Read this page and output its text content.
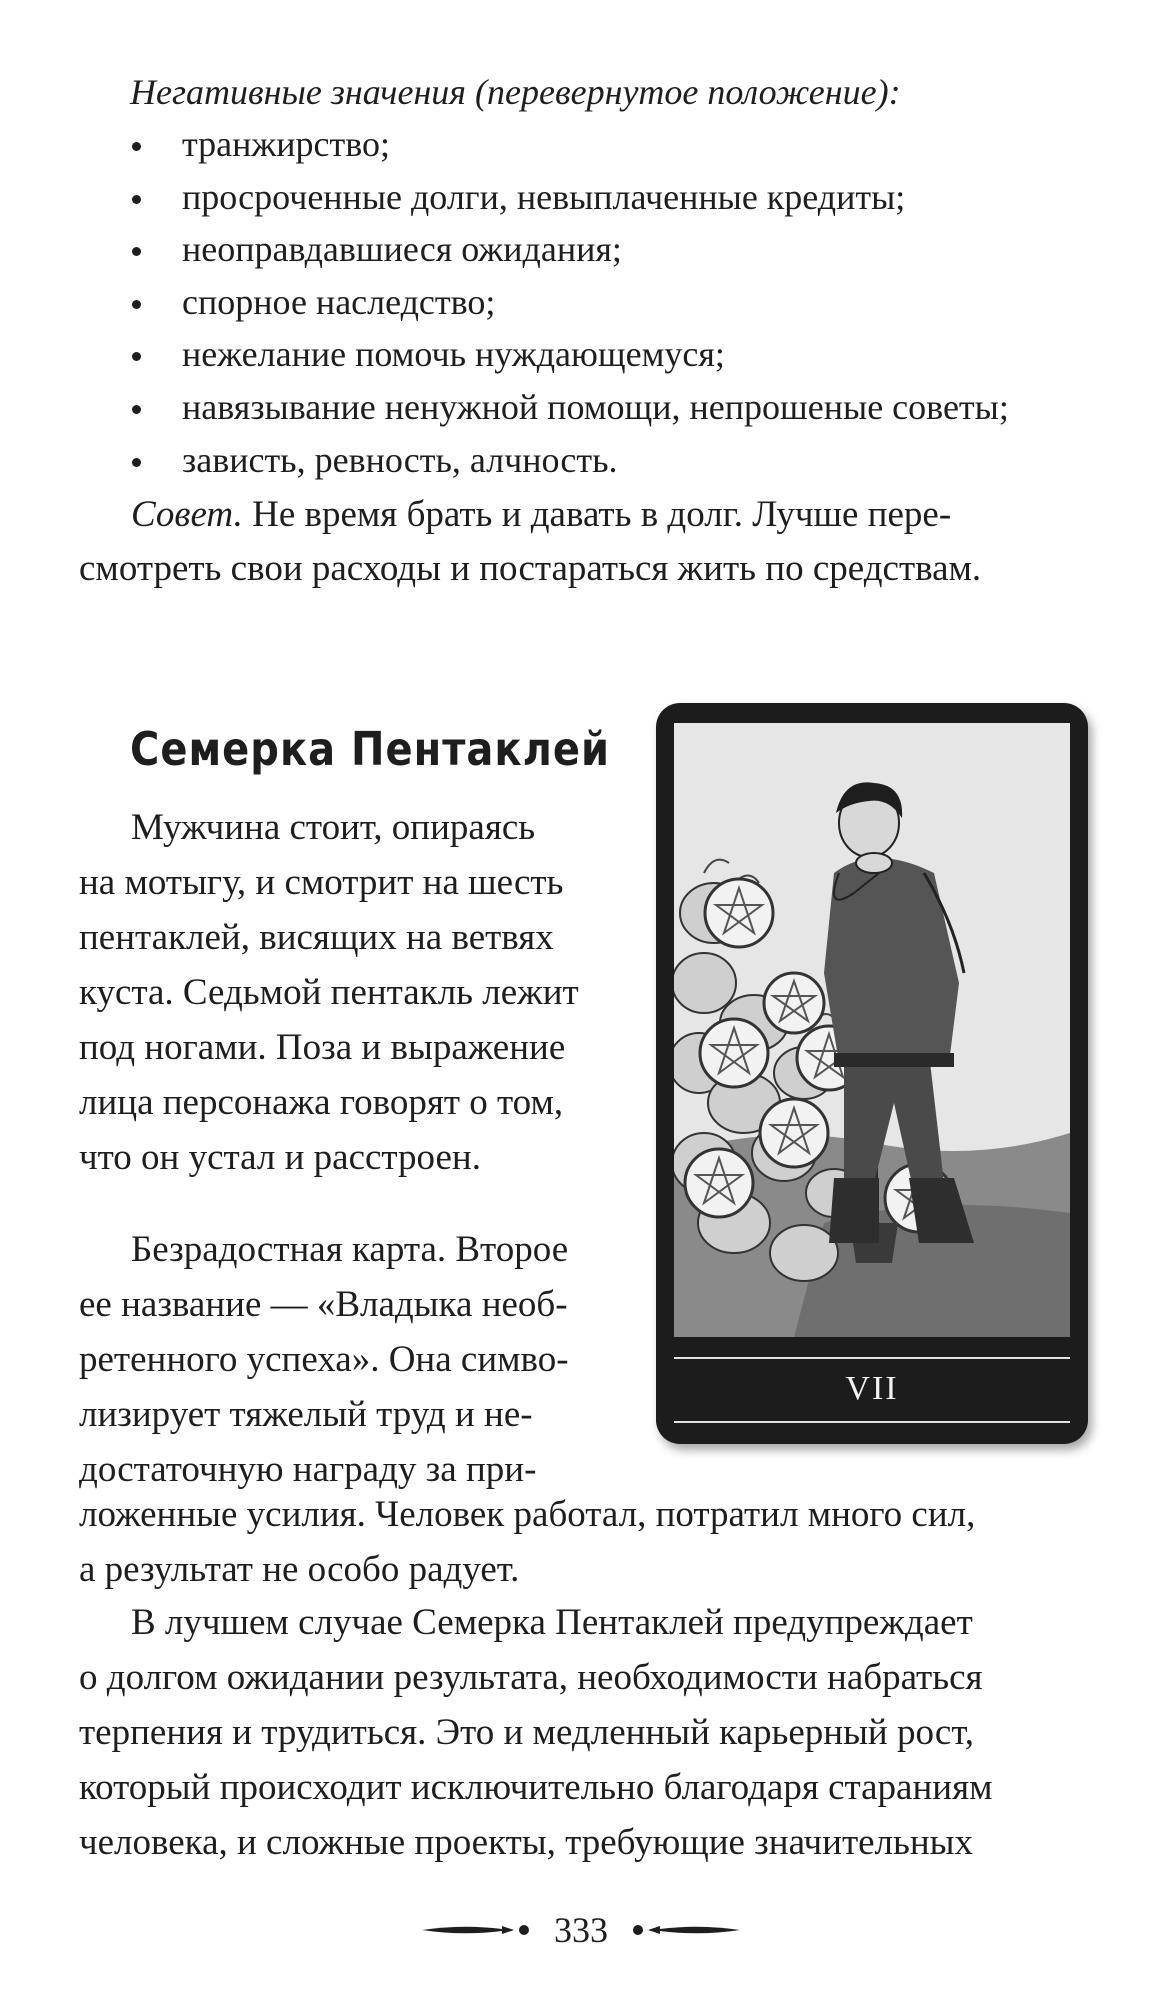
Негативные значения (перевернутое положение):
транжирство;
просроченные долги, невыплаченные кредиты;
неоправдавшиеся ожидания;
спорное наследство;
нежелание помочь нуждающемуся;
навязывание ненужной помощи, непрошеные советы;
зависть, ревность, алчность.

Совет. Не время брать и давать в долг. Лучше пере-

смотреть свои расходы и постараться жить по средствам.

Семерка Пентаклей

Мужчина стоит, опираясь

на мотыгу, и смотрит на шесть

пентаклей, висящих на ветвях

куста. Седьмой пентакль лежит

под ногами. Поза и выражение

лица персонажа говорят о том,

что он устал и расстроен.

Безрадостная карта. Второе

ее название — «Владыка необ-

ретенного успеха». Она симво-

лизирует тяжелый труд и не-

достаточную награду за при-

ложенные усилия. Человек работал, потратил много сил,

а результат не особо радует.

В лучшем случае Семерка Пентаклей предупреждает

о долгом ожидании результата, необходимости набраться

терпения и трудиться. Это и медленный карьерный рост,

который происходит исключительно благодаря стараниям

человека, и сложные проекты, требующие значительных

VII
333
